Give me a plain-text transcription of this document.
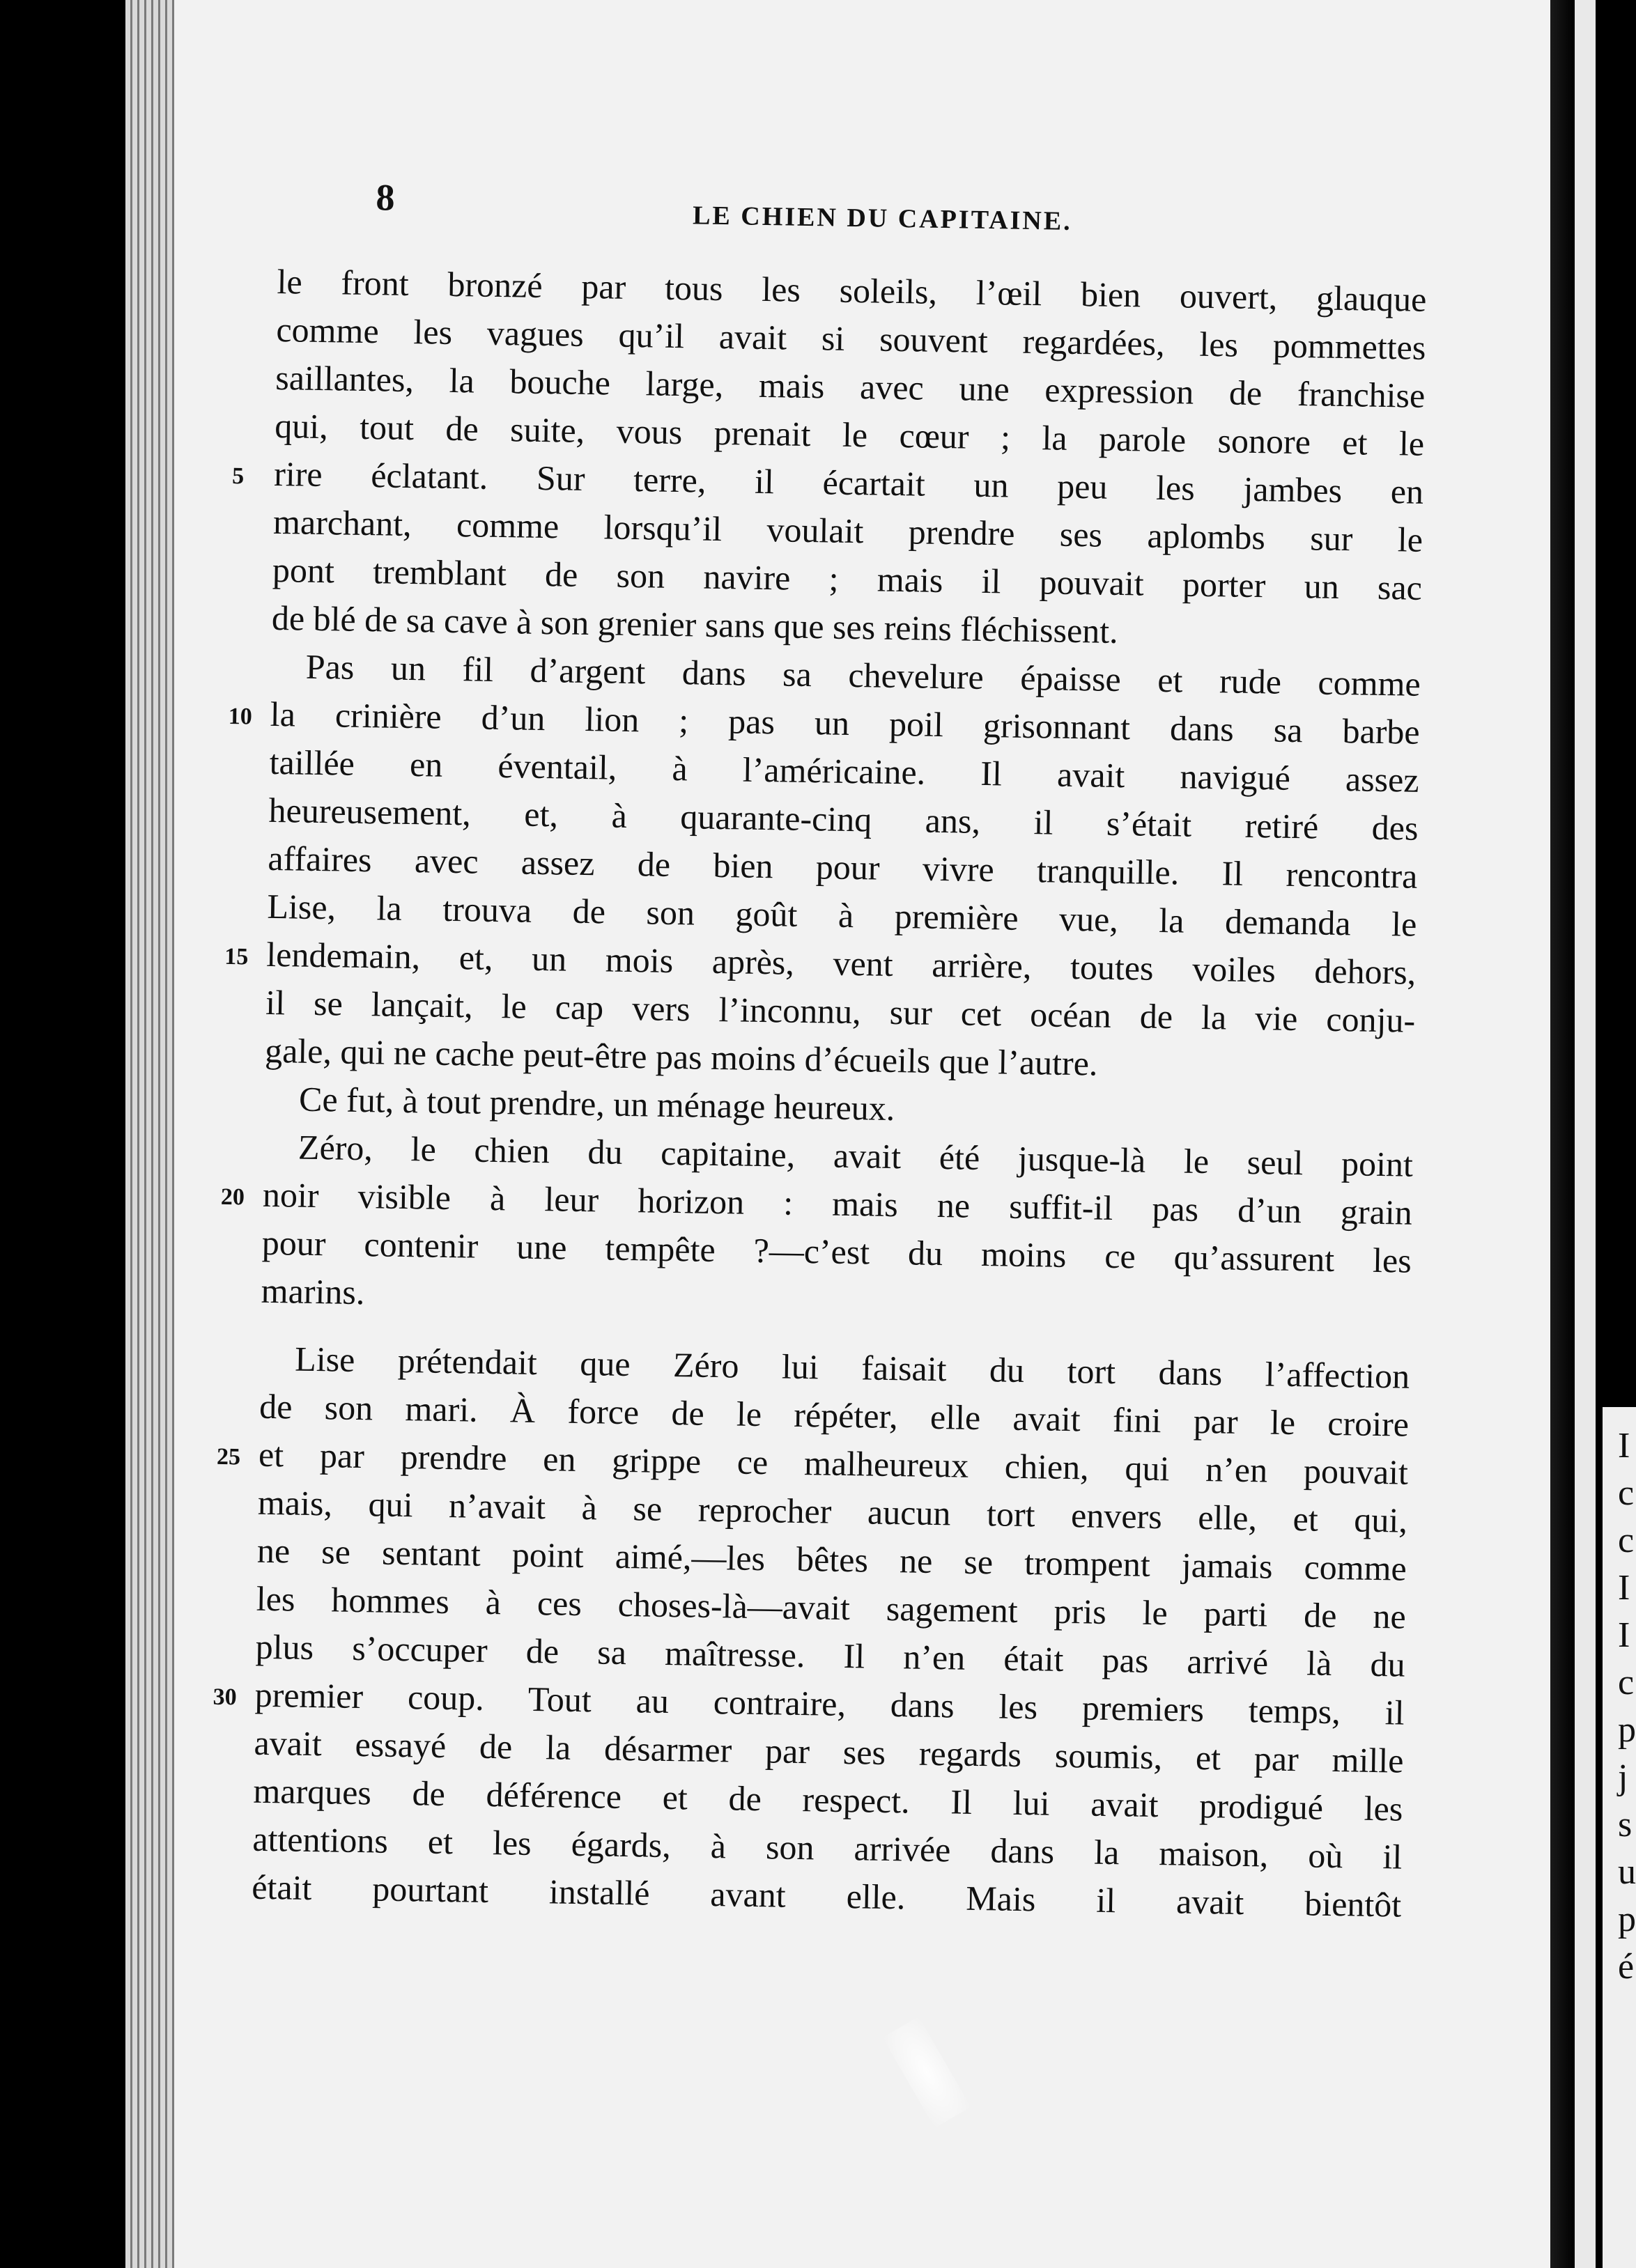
I
c
c
I
I
c
p
j
s
u
p
é
8
LE CHIEN DU CAPITAINE.
le front bronzé par tous les soleils, l’œil bien ouvert, glauque
comme les vagues qu’il avait si souvent regardées, les pommettes
saillantes, la bouche large, mais avec une expression de franchise
qui, tout de suite, vous prenait le cœur ; la parole sonore et le
5 rire éclatant. Sur terre, il écartait un peu les jambes en
marchant, comme lorsqu’il voulait prendre ses aplombs sur le
pont tremblant de son navire ; mais il pouvait porter un sac
de blé de sa cave à son grenier sans que ses reins fléchissent.
Pas un fil d’argent dans sa chevelure épaisse et rude comme
10 la crinière d’un lion ; pas un poil grisonnant dans sa barbe
taillée en éventail, à l’américaine. Il avait navigué assez
heureusement, et, à quarante-cinq ans, il s’était retiré des
affaires avec assez de bien pour vivre tranquille. Il rencontra
Lise, la trouva de son goût à première vue, la demanda le
15 lendemain, et, un mois après, vent arrière, toutes voiles dehors,
il se lançait, le cap vers l’inconnu, sur cet océan de la vie conju-
gale, qui ne cache peut-être pas moins d’écueils que l’autre.
Ce fut, à tout prendre, un ménage heureux.
Zéro, le chien du capitaine, avait été jusque-là le seul point
20 noir visible à leur horizon : mais ne suffit-il pas d’un grain
pour contenir une tempête ?—c’est du moins ce qu’assurent les
marins.
Lise prétendait que Zéro lui faisait du tort dans l’affection
de son mari. À force de le répéter, elle avait fini par le croire
25 et par prendre en grippe ce malheureux chien, qui n’en pouvait
mais, qui n’avait à se reprocher aucun tort envers elle, et qui,
ne se sentant point aimé,—les bêtes ne se trompent jamais comme
les hommes à ces choses-là—avait sagement pris le parti de ne
plus s’occuper de sa maîtresse. Il n’en était pas arrivé là du
30 premier coup. Tout au contraire, dans les premiers temps, il
avait essayé de la désarmer par ses regards soumis, et par mille
marques de déférence et de respect. Il lui avait prodigué les
attentions et les égards, à son arrivée dans la maison, où il
était pourtant installé avant elle. Mais il avait bientôt
